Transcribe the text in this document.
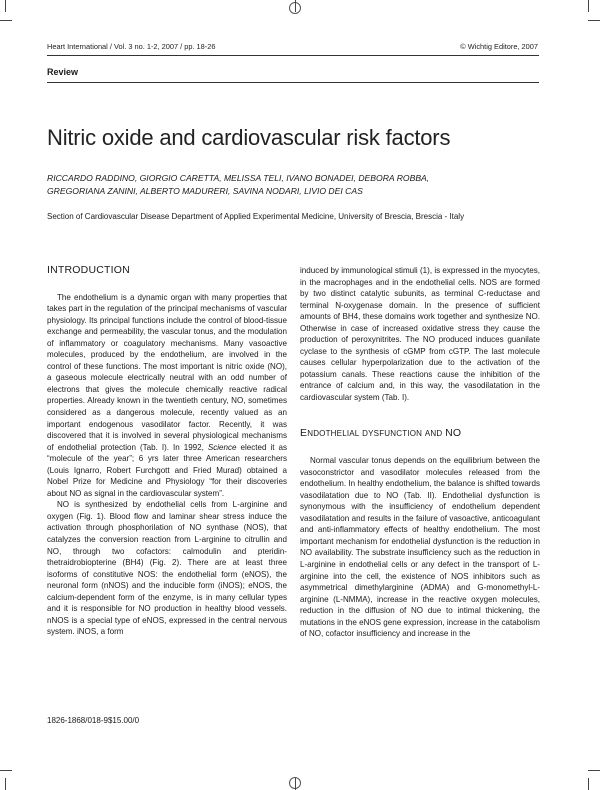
Heart International / Vol. 3 no. 1-2, 2007 / pp. 18-26	© Wichtig Editore, 2007
Review
Nitric oxide and cardiovascular risk factors
RICCARDO RADDINO, GIORGIO CARETTA, MELISSA TELI, IVANO BONADEI, DEBORA ROBBA,
GREGORIANA ZANINI, ALBERTO MADURERI, SAVINA NODARI, LIVIO DEI CAS
Section of Cardiovascular Disease Department of Applied Experimental Medicine, University of Brescia, Brescia - Italy
INTRODUCTION

The endothelium is a dynamic organ with many properties that takes part in the regulation of the principal mechanisms of vascular physiology. Its principal functions include the control of blood-tissue exchange and permeability, the vascular tonus, and the modulation of inflammatory or coagulatory mechanisms. Many vasoactive molecules, produced by the endothelium, are involved in the control of these functions. The most important is nitric oxide (NO), a gaseous molecule electrically neutral with an odd number of electrons that gives the molecule chemically reactive radical properties. Already known in the twentieth century, NO, sometimes considered as a dangerous molecule, recently valued as an important endogenous vasodilator factor. Recently, it was discovered that it is involved in several physiological mechanisms of endothelial protection (Tab. I). In 1992, Science elected it as “molecule of the year”; 6 yrs later three American researchers (Louis Ignarro, Robert Furchgott and Fried Murad) obtained a Nobel Prize for Medicine and Physiology “for their discoveries about NO as signal in the cardiovascular system”.

NO is synthesized by endothelial cells from L-arginine and oxygen (Fig. 1). Blood flow and laminar shear stress induce the activation through phosphorilation of NO synthase (NOS), that catalyzes the conversion reaction from L-arginine to citrullin and NO, through two cofactors: calmodulin and pteridin-thetraidrobiopterine (BH4) (Fig. 2). There are at least three isoforms of constitutive NOS: the endothelial form (eNOS), the neuronal form (nNOS) and the inducible form (iNOS); eNOS, the calcium-dependent form of the enzyme, is in many cellular types and it is responsible for NO production in healthy blood vessels. nNOS is a special type of eNOS, expressed in the central nervous system. iNOS, a form

induced by immunological stimuli (1), is expressed in the myocytes, in the macrophages and in the endothelial cells. NOS are formed by two distinct catalytic subunits, as terminal C-reductase and terminal N-oxygenase domain. In the presence of sufficient amounts of BH4, these domains work together and synthesize NO. Otherwise in case of increased oxidative stress they cause the production of peroxynitrites. The NO produced induces guanilate cyclase to the synthesis of cGMP from cGTP. The last molecule causes cellular hyperpolarization due to the activation of the potassium canals. These reactions cause the inhibition of the entrance of calcium and, in this way, the vasodilatation in the cardiovascular system (Tab. I).

ENDOTHELIAL DYSFUNCTION AND NO

Normal vascular tonus depends on the equilibrium between the vasoconstrictor and vasodilator molecules released from the endothelium. In healthy endothelium, the balance is shifted towards vasodilatation due to NO (Tab. II). Endothelial dysfunction is synonymous with the insufficiency of endothelium dependent vasodilatation and results in the failure of vasoactive, anticoagulant and anti-inflammatory effects of healthy endothelium. The most important mechanism for endothelial dysfunction is the reduction in NO availability. The substrate insufficiency such as the reduction in L-arginine in endothelial cells or any defect in the transport of L-arginine into the cell, the existence of NOS inhibitors such as asymmetrical dimethylarginine (ADMA) and G-monomethyl-L-arginine (L-NMMA), increase in the reactive oxygen molecules, reduction in the diffusion of NO due to intimal thickening, the mutations in the eNOS gene expression, increase in the catabolism of NO, cofactor insufficiency and increase in the

1826-1868/018-9$15.00/0
